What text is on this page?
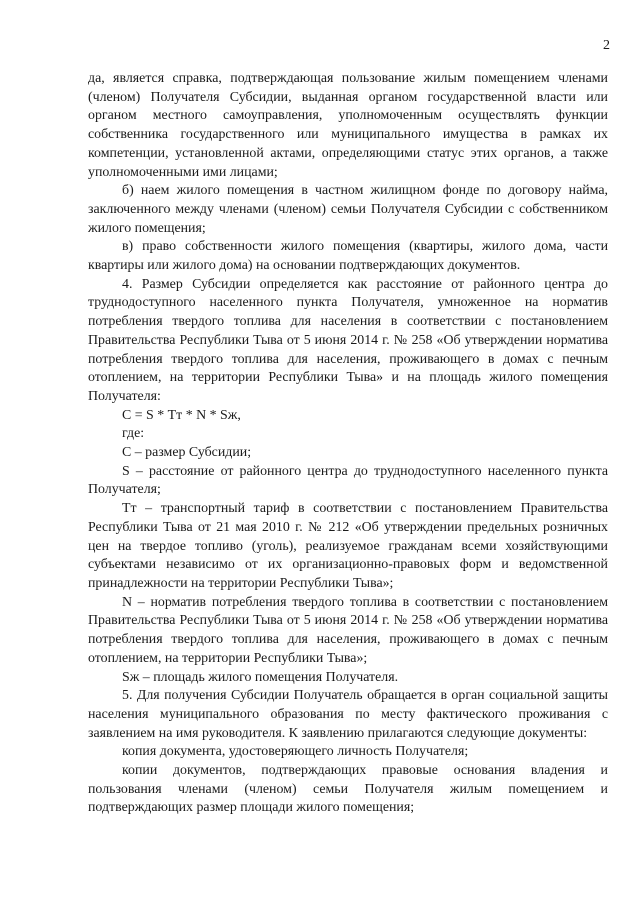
2

да, является справка, подтверждающая пользование жилым помещением членами (членом) Получателя Субсидии, выданная органом государственной власти или органом местного самоуправления, уполномоченным осуществлять функции собственника государственного или муниципального имущества в рамках их компетенции, установленной актами, определяющими статус этих органов, а также уполномоченными ими лицами;

б) наем жилого помещения в частном жилищном фонде по договору найма, заключенного между членами (членом) семьи Получателя Субсидии с собственником жилого помещения;

в) право собственности жилого помещения (квартиры, жилого дома, части квартиры или жилого дома) на основании подтверждающих документов.

4. Размер Субсидии определяется как расстояние от районного центра до труднодоступного населенного пункта Получателя, умноженное на норматив потребления твердого топлива для населения в соответствии с постановлением Правительства Республики Тыва от 5 июня 2014 г. № 258 «Об утверждении норматива потребления твердого топлива для населения, проживающего в домах с печным отоплением, на территории Республики Тыва» и на площадь жилого помещения Получателя:

С = S * Тт * N * Sж,

где:

С – размер Субсидии;

S – расстояние от районного центра до труднодоступного населенного пункта Получателя;

Тт – транспортный тариф в соответствии с постановлением Правительства Республики Тыва от 21 мая 2010 г. № 212 «Об утверждении предельных розничных цен на твердое топливо (уголь), реализуемое гражданам всеми хозяйствующими субъектами независимо от их организационно-правовых форм и ведомственной принадлежности на территории Республики Тыва»;

N – норматив потребления твердого топлива в соответствии с постановлением Правительства Республики Тыва от 5 июня 2014 г. № 258 «Об утверждении норматива потребления твердого топлива для населения, проживающего в домах с печным отоплением, на территории Республики Тыва»;

Sж – площадь жилого помещения Получателя.

5. Для получения Субсидии Получатель обращается в орган социальной защиты населения муниципального образования по месту фактического проживания с заявлением на имя руководителя. К заявлению прилагаются следующие документы:

копия документа, удостоверяющего личность Получателя;

копии документов, подтверждающих правовые основания владения и пользования членами (членом) семьи Получателя жилым помещением и подтверждающих размер площади жилого помещения;
